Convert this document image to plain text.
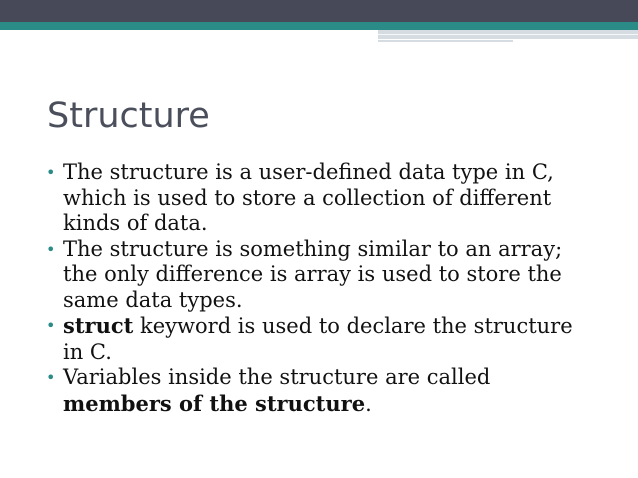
Structure
• The structure is a user-defined data type in C, which is used to store a collection of different kinds of data.
• The structure is something similar to an array; the only difference is array is used to store the same data types.
• struct keyword is used to declare the structure in C.
• Variables inside the structure are called members of the structure.
